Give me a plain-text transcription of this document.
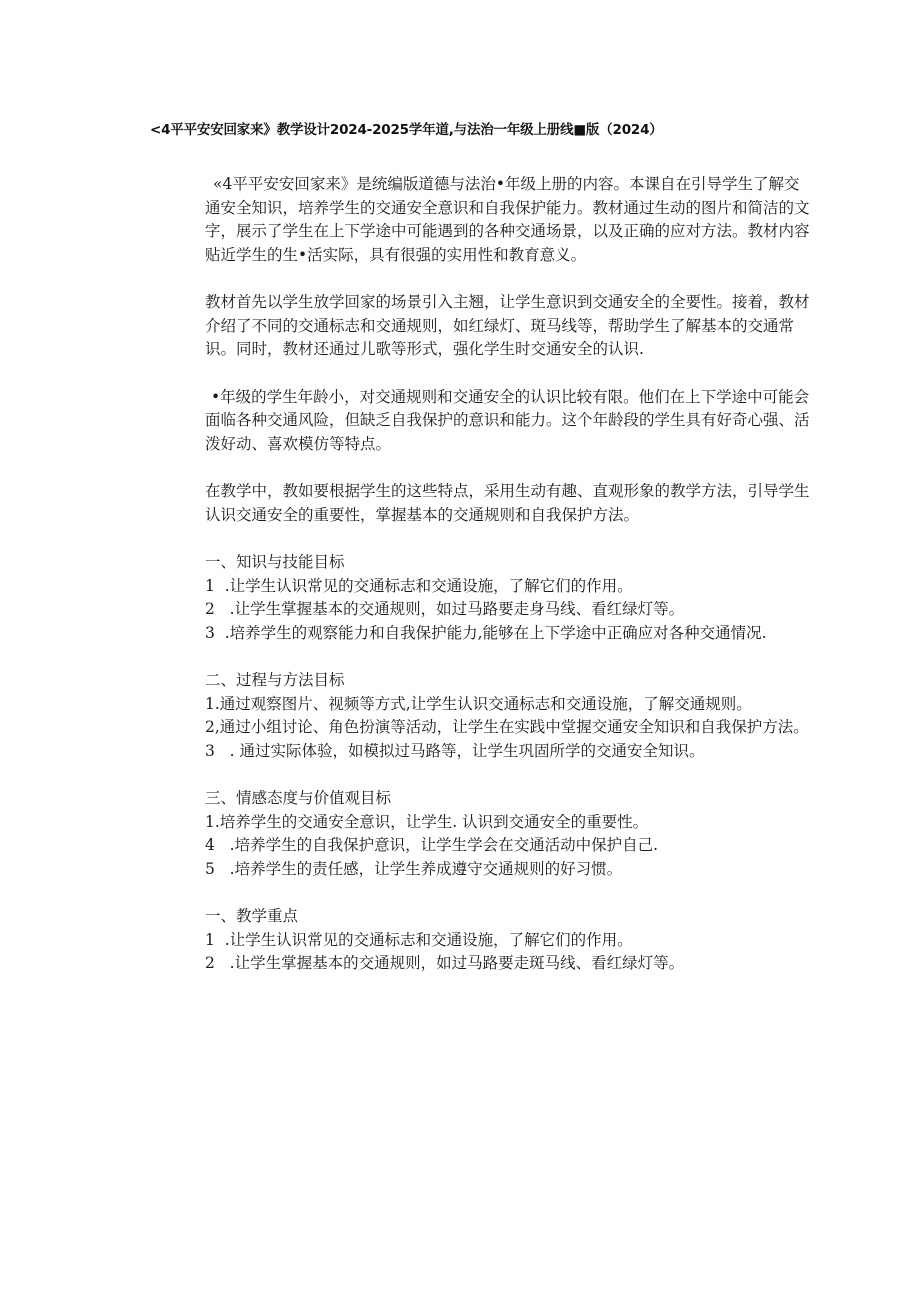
<4平平安安回家来》教学设计2024-2025学年道,与法治一年级上册线■版（2024）

«4平平安安回家来》是统编版道德与法治•年级上册的内容。本课自在引导学生了解交通安全知识，培养学生的交通安全意识和自我保护能力。教材通过生动的图片和简洁的文字，展示了学生在上下学途中可能遇到的各种交通场景，以及正确的应对方法。教材内容贴近学生的生•活实际，具有很强的实用性和教育意义。

教材首先以学生放学回家的场景引入主翘，让学生意识到交通安全的全要性。接着，教材介绍了不同的交通标志和交通规则，如红绿灯、斑马线等，帮助学生了解基本的交通常识。同时，教材还通过儿歌等形式，强化学生时交通安全的认识.

•年级的学生年龄小，对交通规则和交通安全的认识比较有限。他们在上下学途中可能会面临各种交通风险，但缺乏自我保护的意识和能力。这个年龄段的学生具有好奇心强、活泼好动、喜欢模仿等特点。

在教学中，教如要根据学生的这些特点，采用生动有趣、直观形象的教学方法，引导学生认识交通安全的重要性，掌握基本的交通规则和自我保护方法。

一、知识与技能目标

1  .让学生认识常见的交通标志和交通设施，了解它们的作用。

2   .让学生掌握基本的交通规则，如过马路要走身马线、看红绿灯等。

3  .培养学生的观察能力和自我保护能力,能够在上下学途中正确应对各种交通情况.

二、过程与方法目标

1.通过观察图片、视频等方式,让学生认识交通标志和交通设施，了解交通规则。

2,通过小组讨论、角色扮演等活动，让学生在实践中堂握交通安全知识和自我保护方法。

3   . 通过实际体验，如模拟过马路等，让学生巩固所学的交通安全知识。

三、情感态度与价值观目标

1.培养学生的交通安全意识，让学生. 认识到交通安全的重要性。

4   .培养学生的自我保护意识，让学生学会在交通活动中保护自己.

5   .培养学生的责任感，让学生养成遵守交通规则的好习惯。

一、教学重点

1  .让学生认识常见的交通标志和交通设施，了解它们的作用。

2   .让学生掌握基本的交通规则，如过马路要走斑马线、看红绿灯等。
